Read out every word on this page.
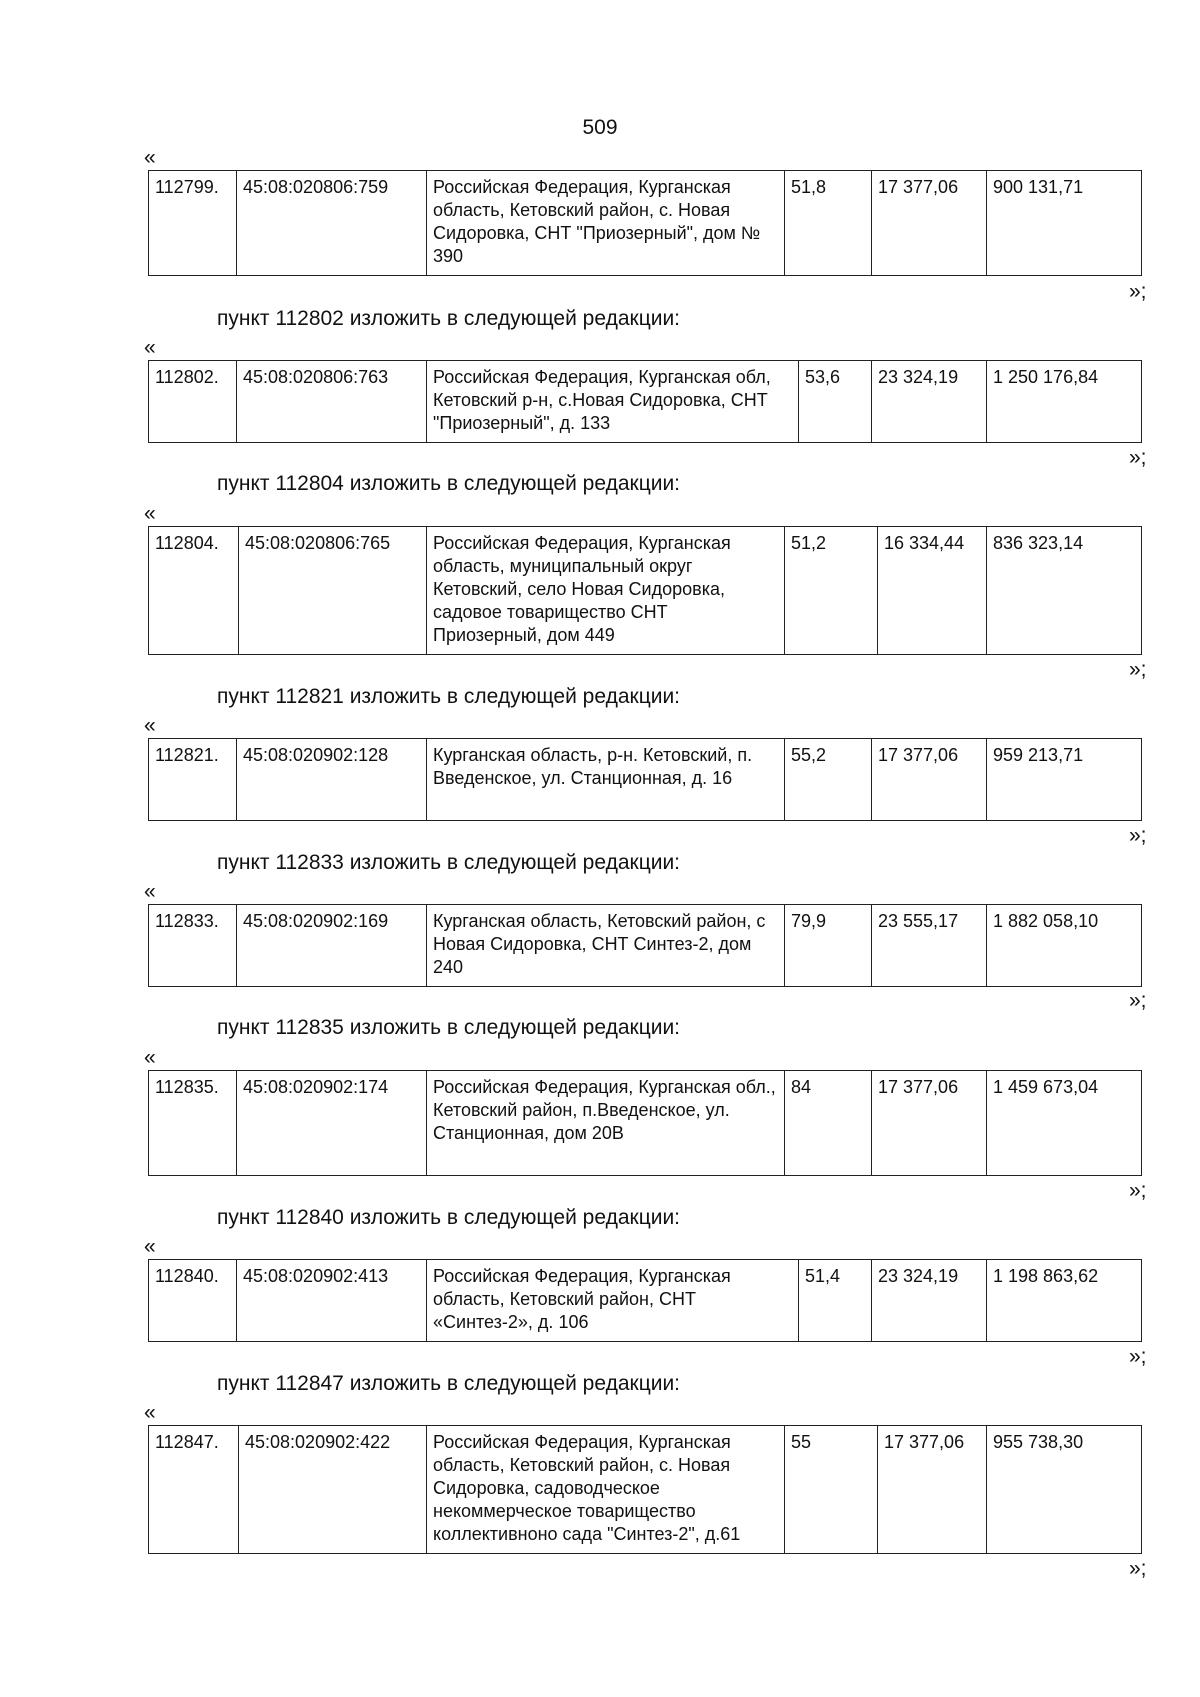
509
«
112799.	45:08:020806:759	Российская Федерация, Курганская область, Кетовский район, с. Новая Сидоровка, СНТ "Приозерный", дом № 390	51,8	17 377,06	900 131,71
»;
пункт 112802 изложить в следующей редакции:
«
112802.	45:08:020806:763	Российская Федерация, Курганская обл, Кетовский р-н, с.Новая Сидоровка, СНТ "Приозерный", д. 133	53,6	23 324,19	1 250 176,84
»;
пункт 112804 изложить в следующей редакции:
«
112804.	45:08:020806:765	Российская Федерация, Курганская область, муниципальный округ Кетовский, село Новая Сидоровка, садовое товарищество СНТ Приозерный, дом 449	51,2	16 334,44	836 323,14
»;
пункт 112821 изложить в следующей редакции:
«
112821.	45:08:020902:128	Курганская область, р-н. Кетовский, п. Введенское, ул. Станционная, д. 16	55,2	17 377,06	959 213,71
»;
пункт 112833 изложить в следующей редакции:
«
112833.	45:08:020902:169	Курганская область, Кетовский район, с Новая Сидоровка, СНТ Синтез-2, дом 240	79,9	23 555,17	1 882 058,10
»;
пункт 112835 изложить в следующей редакции:
«
112835.	45:08:020902:174	Российская Федерация, Курганская обл., Кетовский район, п.Введенское, ул. Станционная, дом 20В	84	17 377,06	1 459 673,04
»;
пункт 112840 изложить в следующей редакции:
«
112840.	45:08:020902:413	Российская Федерация, Курганская область, Кетовский район, СНТ «Синтез-2», д. 106	51,4	23 324,19	1 198 863,62
»;
пункт 112847 изложить в следующей редакции:
«
112847.	45:08:020902:422	Российская Федерация, Курганская область, Кетовский район, с. Новая Сидоровка, садоводческое некоммерческое товарищество коллективноно сада "Синтез-2", д.61	55	17 377,06	955 738,30
»;
